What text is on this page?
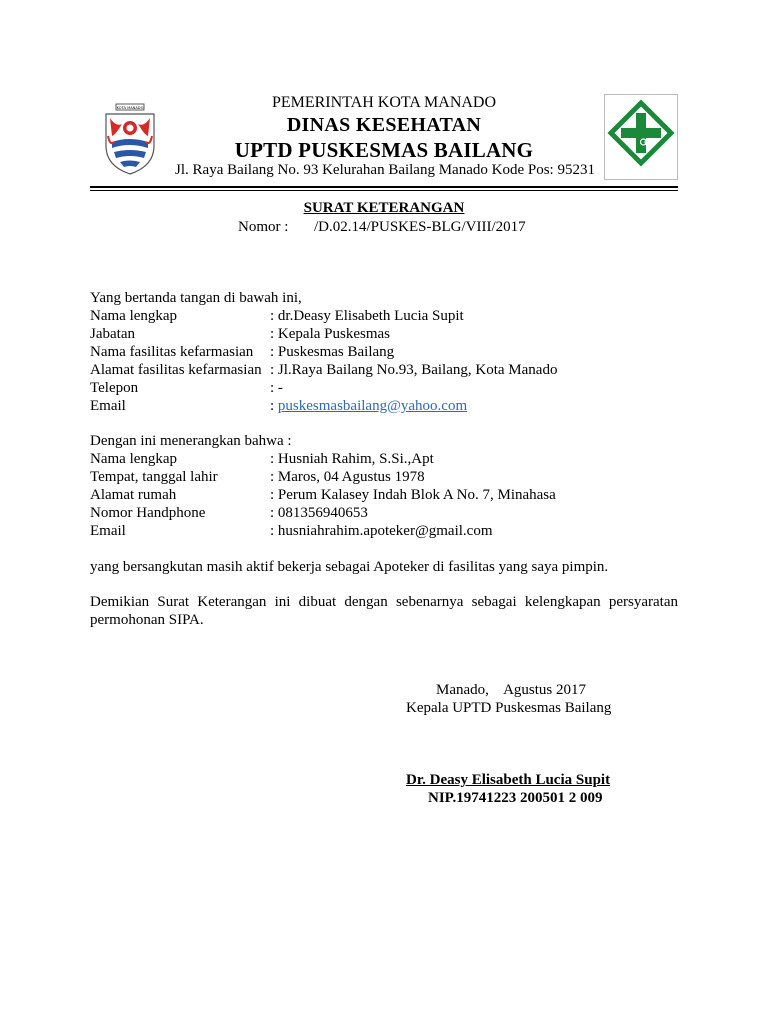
KOTA MANADO	PEMERINTAH KOTA MANADO
DINAS KESEHATAN
UPTD PUSKESMAS BAILANG
Jl. Raya Bailang No. 93 Kelurahan Bailang Manado Kode Pos: 95231
SURAT KETERANGAN
Nomor : /D.02.14/PUSKES-BLG/VIII/2017
Yang bertanda tangan di bawah ini,
Nama lengkap	: dr.Deasy Elisabeth Lucia Supit
Jabatan	: Kepala Puskesmas
Nama fasilitas kefarmasian : Puskesmas Bailang
Alamat fasilitas kefarmasian : Jl.Raya Bailang No.93, Bailang, Kota Manado
Telepon	: -
Email	: puskesmasbailang@yahoo.com
Dengan ini menerangkan bahwa :
Nama lengkap	: Husniah Rahim, S.Si.,Apt
Tempat, tanggal lahir	: Maros, 04 Agustus 1978
Alamat rumah	: Perum Kalasey Indah Blok A No. 7, Minahasa
Nomor Handphone	: 081356940653
Email	: husniahrahim.apoteker@gmail.com
yang bersangkutan masih aktif bekerja sebagai Apoteker di fasilitas yang saya pimpin.
Demikian Surat Keterangan ini dibuat dengan sebenarnya sebagai kelengkapan persyaratan permohonan SIPA.
Manado,    Agustus 2017
Kepala UPTD Puskesmas Bailang
Dr. Deasy Elisabeth Lucia Supit
NIP.19741223 200501 2 009
